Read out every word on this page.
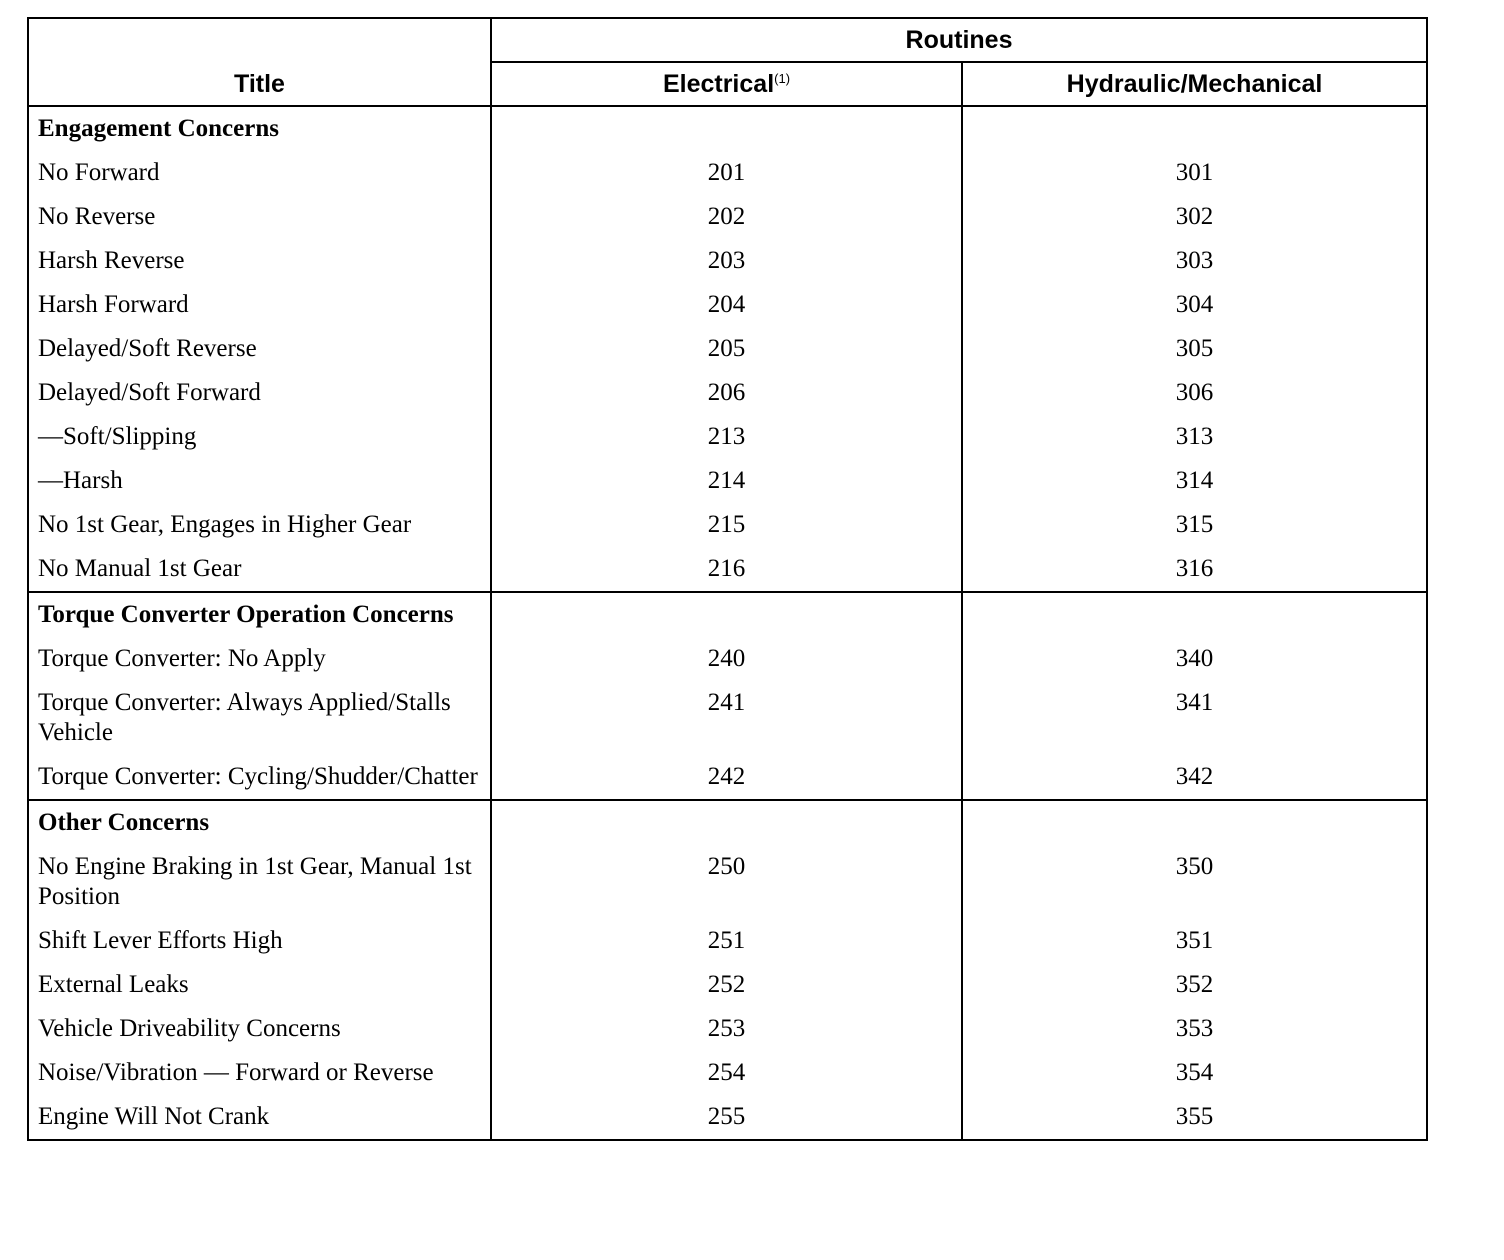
Title	Routines	
	Electrical$^{(1)}$	Hydraulic/Mechanical
Engagement Concerns		
No Forward	201	301
No Reverse	202	302
Harsh Reverse	203	303
Harsh Forward	204	304
Delayed/Soft Reverse	205	305
Delayed/Soft Forward	206	306
—Soft/Slipping	213	313
—Harsh	214	314
No 1st Gear, Engages in Higher Gear	215	315
No Manual 1st Gear	216	316
Torque Converter Operation Concerns		
Torque Converter: No Apply	240	340
Torque Converter: Always Applied/Stalls Vehicle	241	341
Torque Converter: Cycling/Shudder/Chatter	242	342
Other Concerns		
No Engine Braking in 1st Gear, Manual 1st Position	250	350
Shift Lever Efforts High	251	351
External Leaks	252	352
Vehicle Driveability Concerns	253	353
Noise/Vibration — Forward or Reverse	254	354
Engine Will Not Crank	255	355
